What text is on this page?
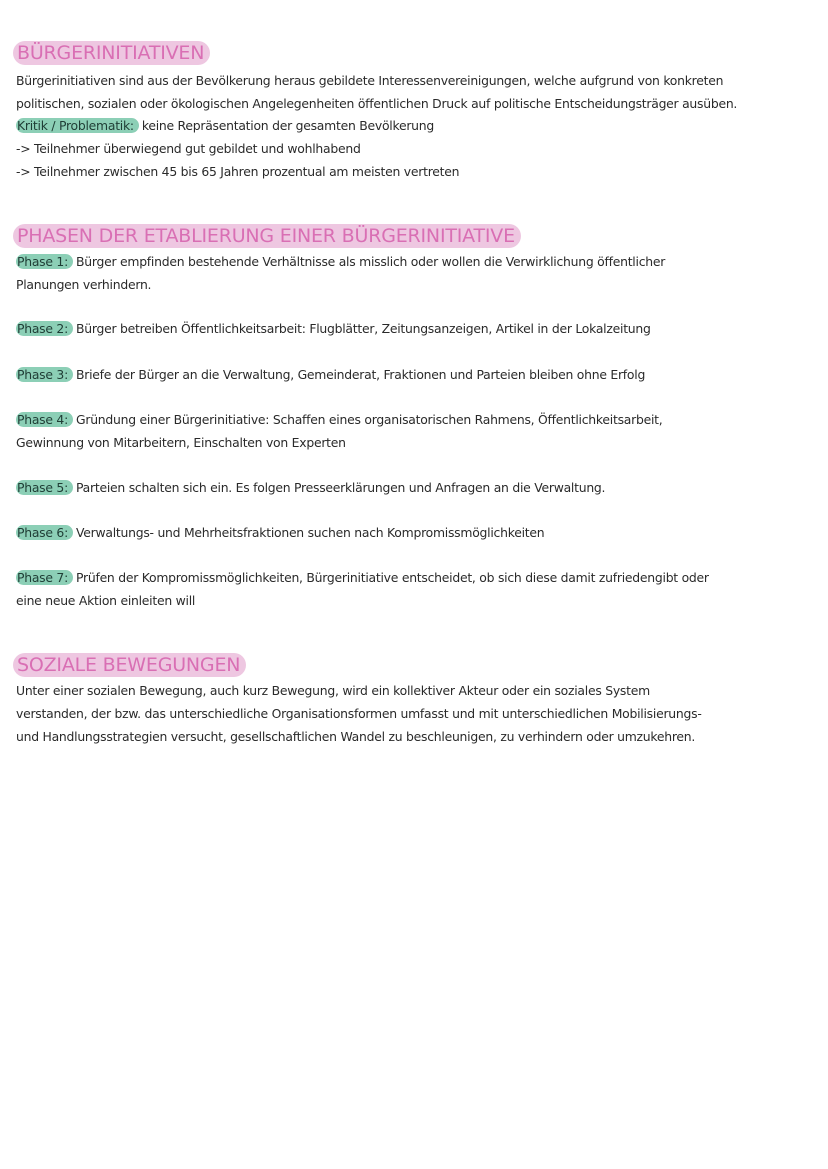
BÜRGERINITIATIVEN
Bürgerinitiativen sind aus der Bevölkerung heraus gebildete Interessenvereinigungen, welche aufgrund von konkreten
politischen, sozialen oder ökologischen Angelegenheiten öffentlichen Druck auf politische Entscheidungsträger ausüben.
Kritik / Problematik: keine Repräsentation der gesamten Bevölkerung
-> Teilnehmer überwiegend gut gebildet und wohlhabend
-> Teilnehmer zwischen 45 bis 65 Jahren prozentual am meisten vertreten
PHASEN DER ETABLIERUNG EINER BÜRGERINITIATIVE
Phase 1: Bürger empfinden bestehende Verhältnisse als misslich oder wollen die Verwirklichung öffentlicher
Planungen verhindern.
Phase 2: Bürger betreiben Öffentlichkeitsarbeit: Flugblätter, Zeitungsanzeigen, Artikel in der Lokalzeitung
Phase 3: Briefe der Bürger an die Verwaltung, Gemeinderat, Fraktionen und Parteien bleiben ohne Erfolg
Phase 4: Gründung einer Bürgerinitiative: Schaffen eines organisatorischen Rahmens, Öffentlichkeitsarbeit,
Gewinnung von Mitarbeitern, Einschalten von Experten
Phase 5: Parteien schalten sich ein. Es folgen Presseerklärungen und Anfragen an die Verwaltung.
Phase 6: Verwaltungs- und Mehrheitsfraktionen suchen nach Kompromissmöglichkeiten
Phase 7: Prüfen der Kompromissmöglichkeiten, Bürgerinitiative entscheidet, ob sich diese damit zufriedengibt oder
eine neue Aktion einleiten will
SOZIALE BEWEGUNGEN
Unter einer sozialen Bewegung, auch kurz Bewegung, wird ein kollektiver Akteur oder ein soziales System
verstanden, der bzw. das unterschiedliche Organisationsformen umfasst und mit unterschiedlichen Mobilisierungs-
und Handlungsstrategien versucht, gesellschaftlichen Wandel zu beschleunigen, zu verhindern oder umzukehren.
